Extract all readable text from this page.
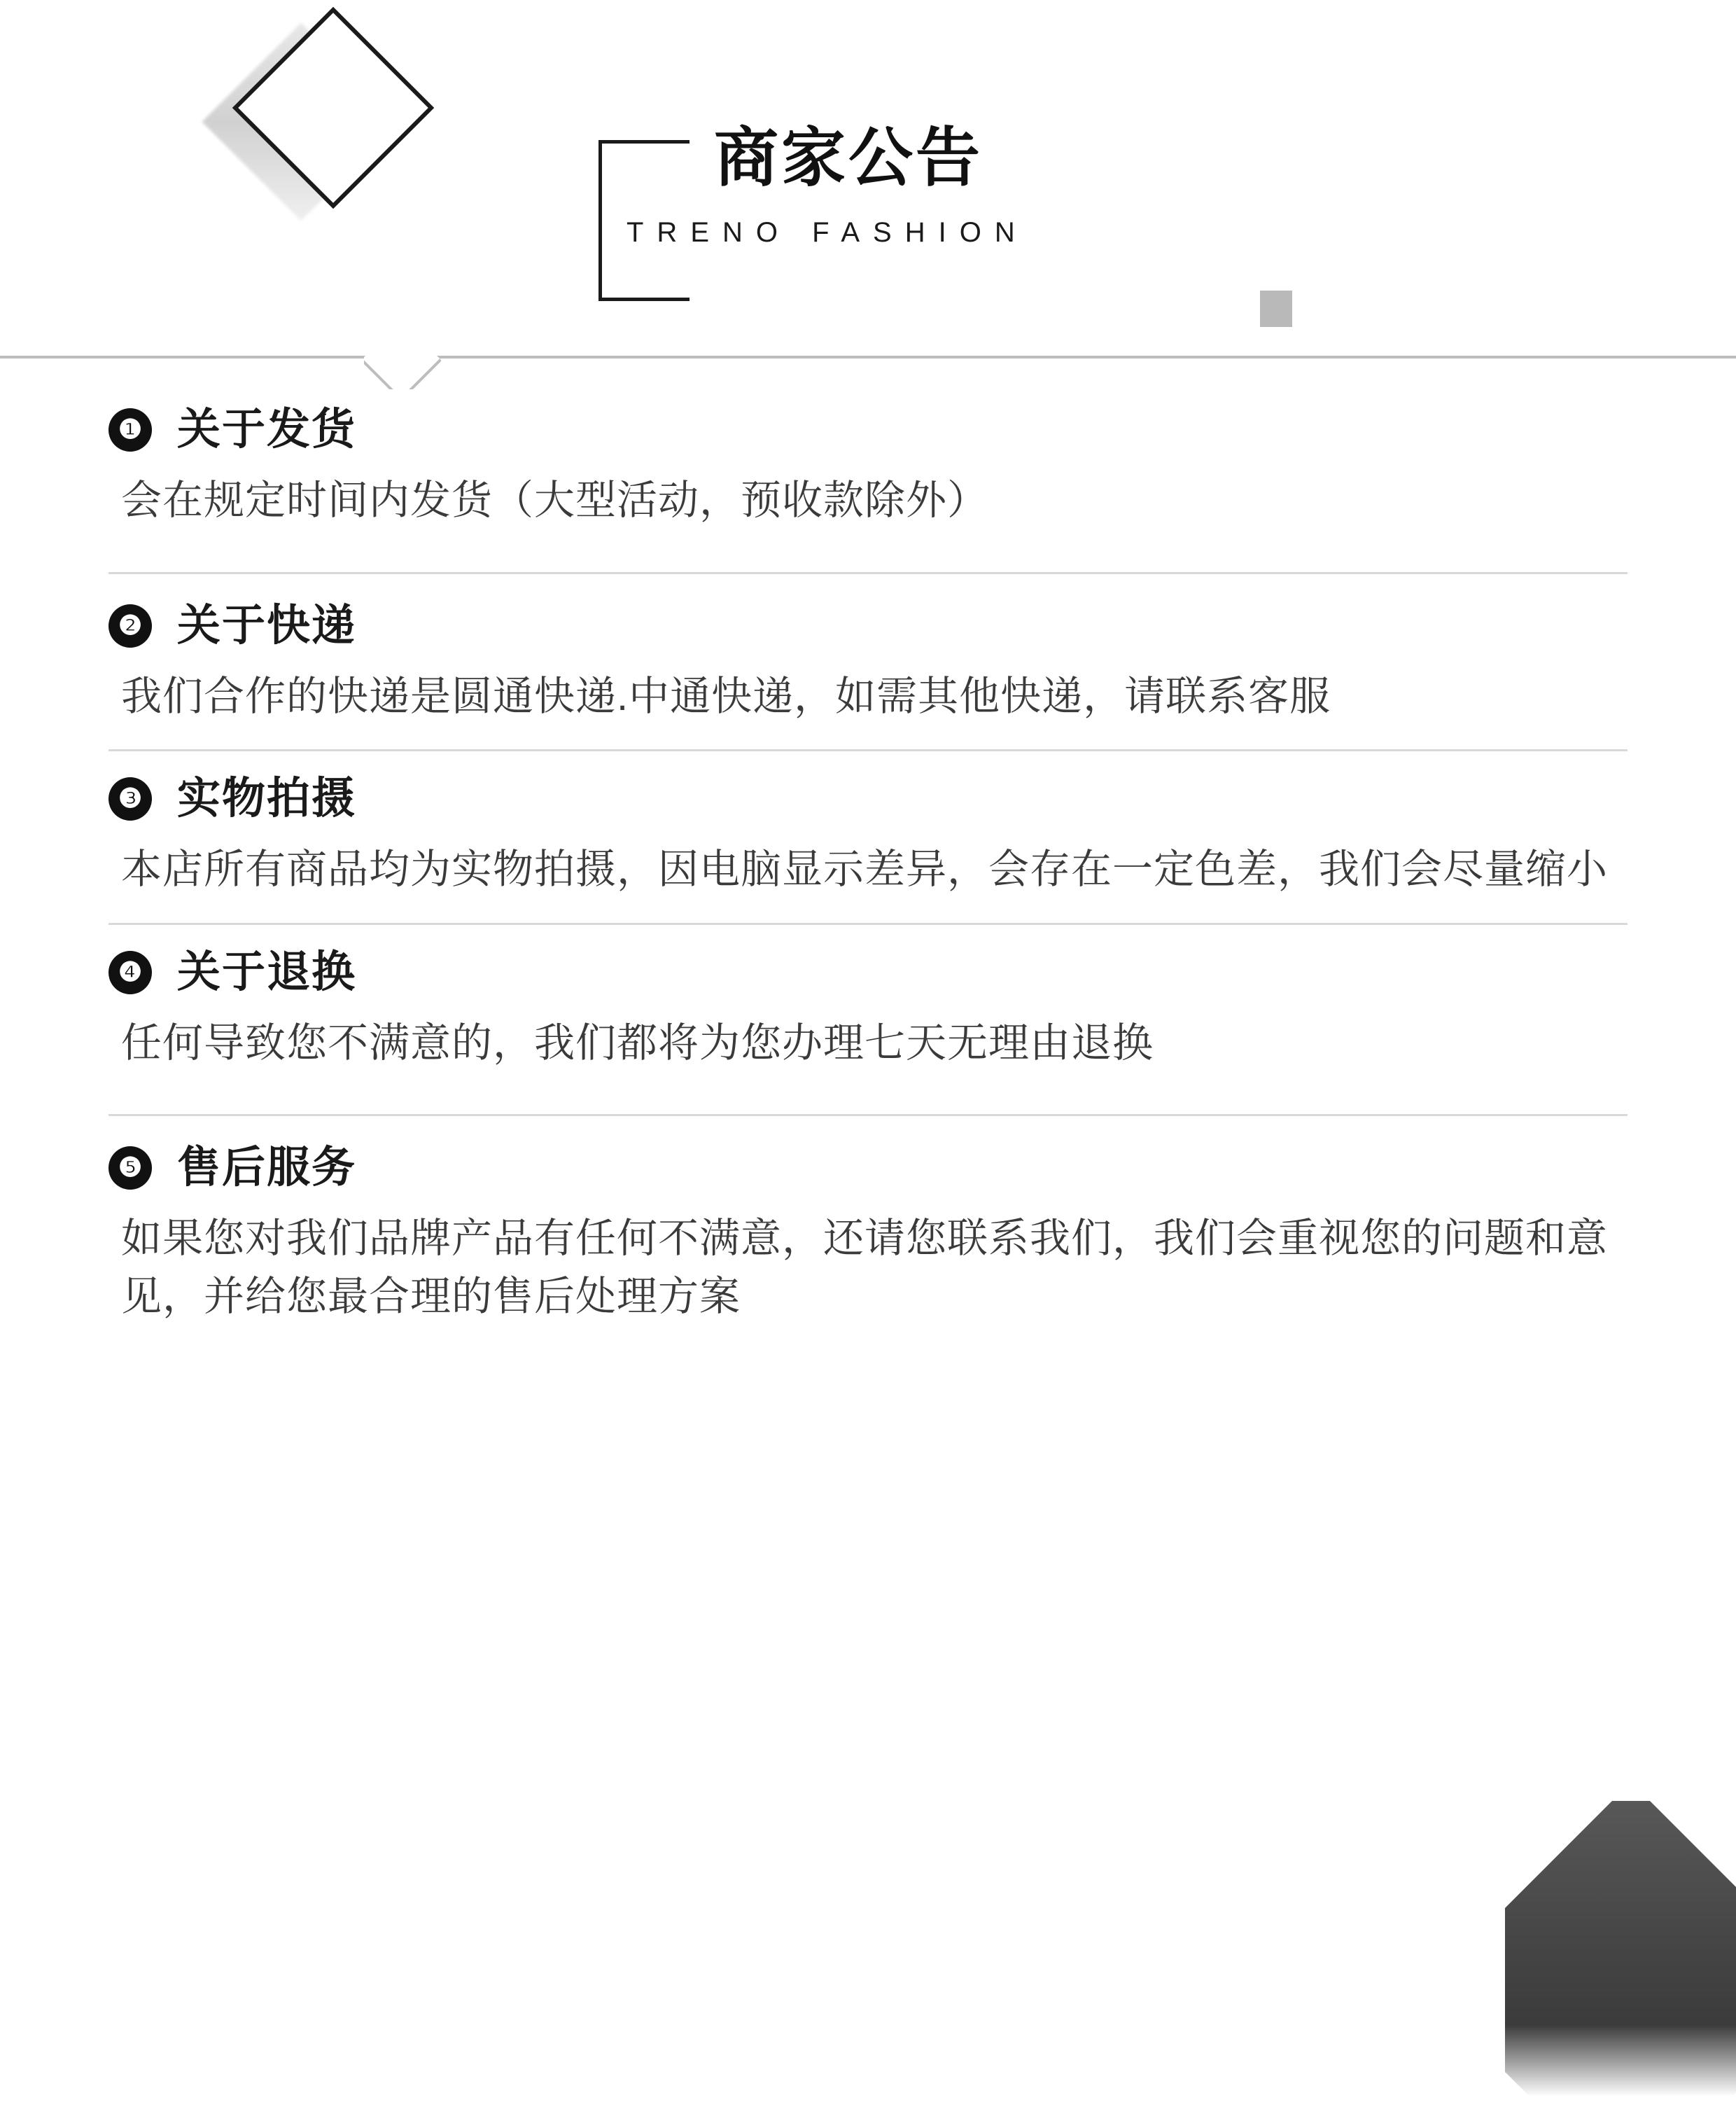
商家公告
TRENO FASHION
❶ 关于发货
会在规定时间内发货（大型活动，预收款除外）
❷ 关于快递
我们合作的快递是圆通快递.中通快递，如需其他快递，请联系客服
❸ 实物拍摄
本店所有商品均为实物拍摄，因电脑显示差异，会存在一定色差，我们会尽量缩小
❹ 关于退换
任何导致您不满意的，我们都将为您办理七天无理由退换
❺ 售后服务
如果您对我们品牌产品有任何不满意，还请您联系我们，我们会重视您的问题和意见，并给您最合理的售后处理方案
